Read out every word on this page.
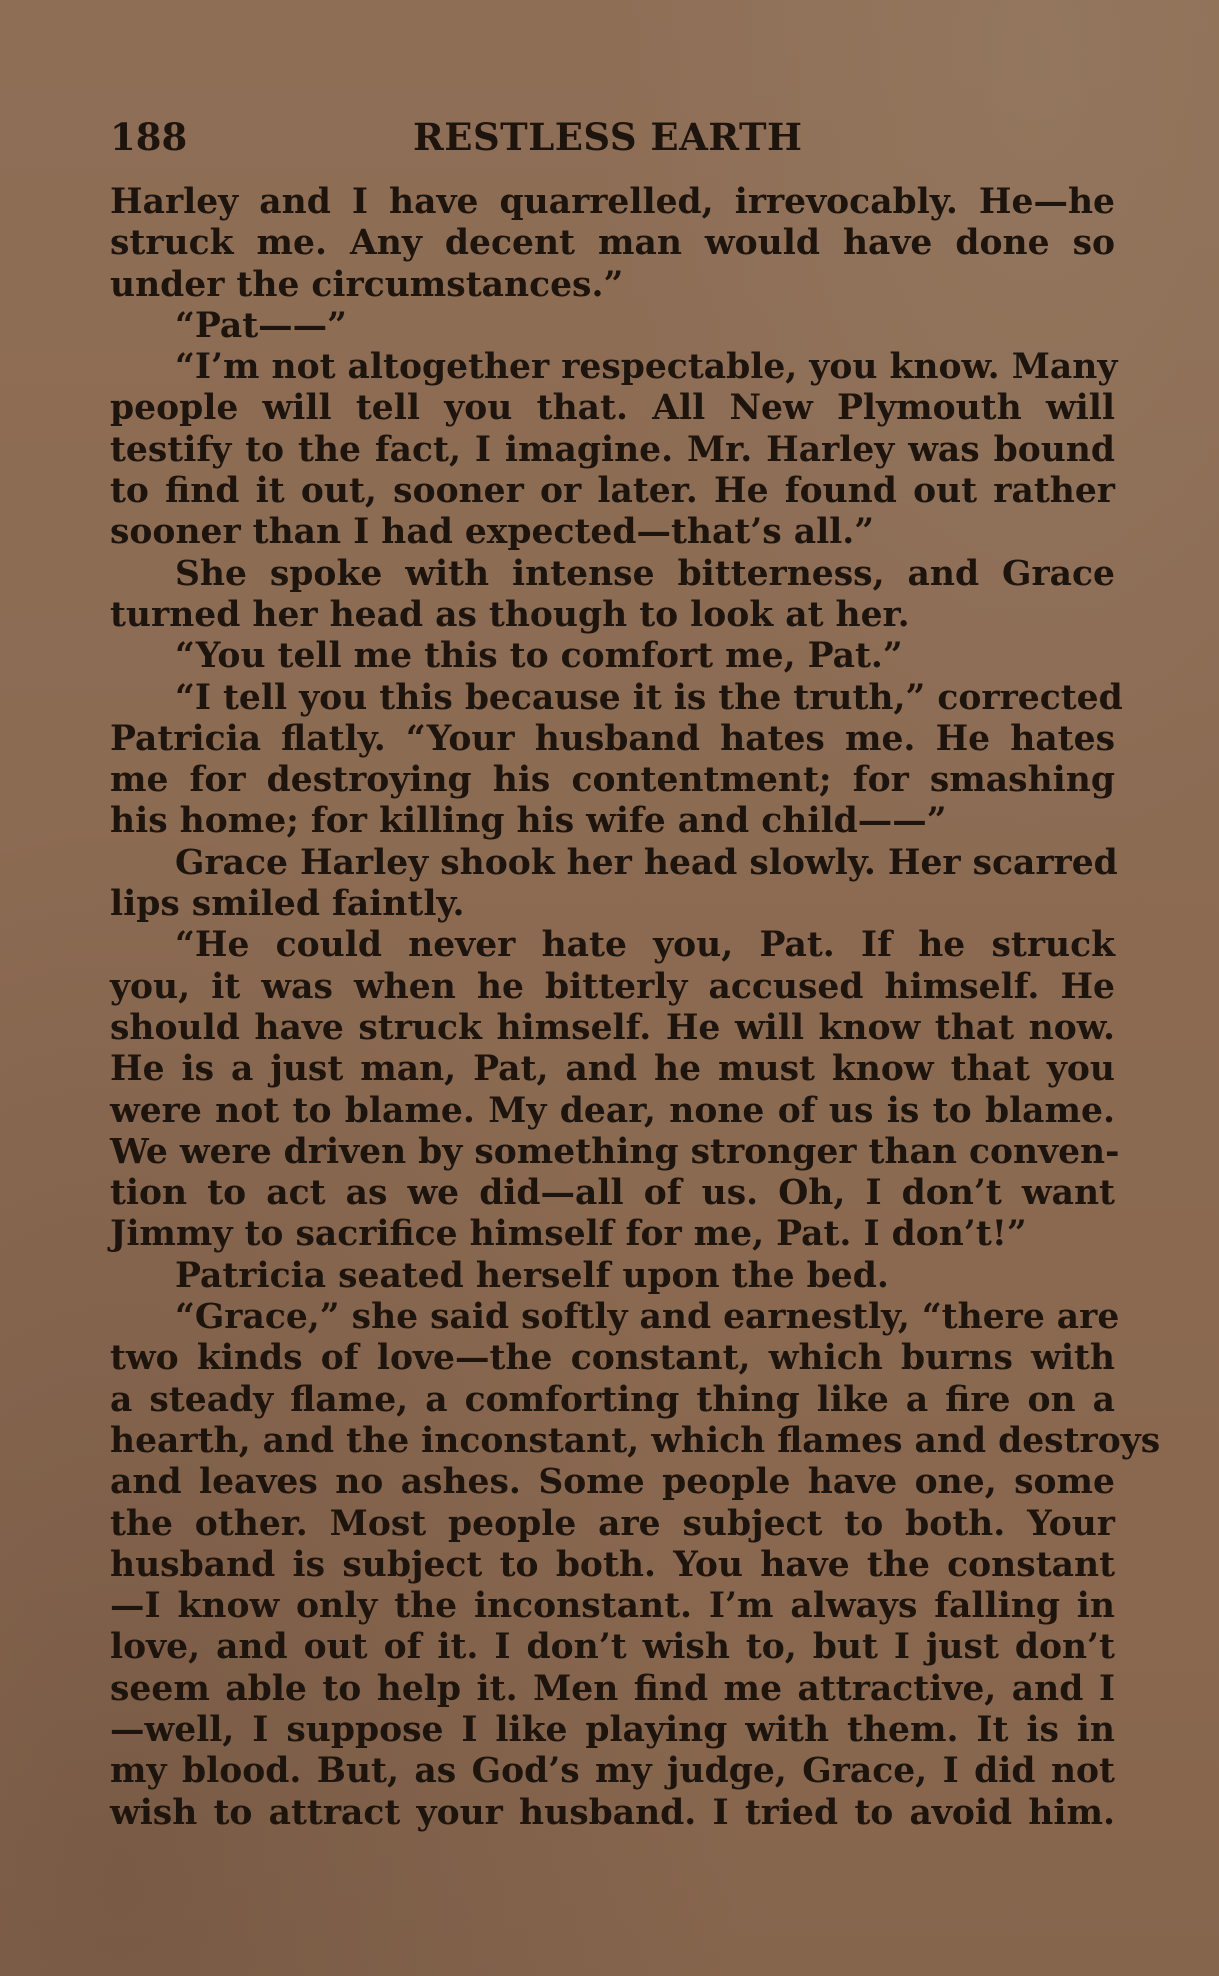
188	RESTLESS EARTH
Harley and I have quarrelled, irrevocably. He—he
struck me. Any decent man would have done so
under the circumstances.”
“Pat——”
“I’m not altogether respectable, you know. Many
people will tell you that. All New Plymouth will
testify to the fact, I imagine. Mr. Harley was bound
to find it out, sooner or later. He found out rather
sooner than I had expected—that’s all.”
She spoke with intense bitterness, and Grace
turned her head as though to look at her.
“You tell me this to comfort me, Pat.”
“I tell you this because it is the truth,” corrected
Patricia flatly. “Your husband hates me. He hates
me for destroying his contentment; for smashing
his home; for killing his wife and child——”
Grace Harley shook her head slowly. Her scarred
lips smiled faintly.
“He could never hate you, Pat. If he struck
you, it was when he bitterly accused himself. He
should have struck himself. He will know that now.
He is a just man, Pat, and he must know that you
were not to blame. My dear, none of us is to blame.
We were driven by something stronger than conven-
tion to act as we did—all of us. Oh, I don’t want
Jimmy to sacrifice himself for me, Pat. I don’t!”
Patricia seated herself upon the bed.
“Grace,” she said softly and earnestly, “there are
two kinds of love—the constant, which burns with
a steady flame, a comforting thing like a fire on a
hearth, and the inconstant, which flames and destroys
and leaves no ashes. Some people have one, some
the other. Most people are subject to both. Your
husband is subject to both. You have the constant
—I know only the inconstant. I’m always falling in
love, and out of it. I don’t wish to, but I just don’t
seem able to help it. Men find me attractive, and I
—well, I suppose I like playing with them. It is in
my blood. But, as God’s my judge, Grace, I did not
wish to attract your husband. I tried to avoid him.
